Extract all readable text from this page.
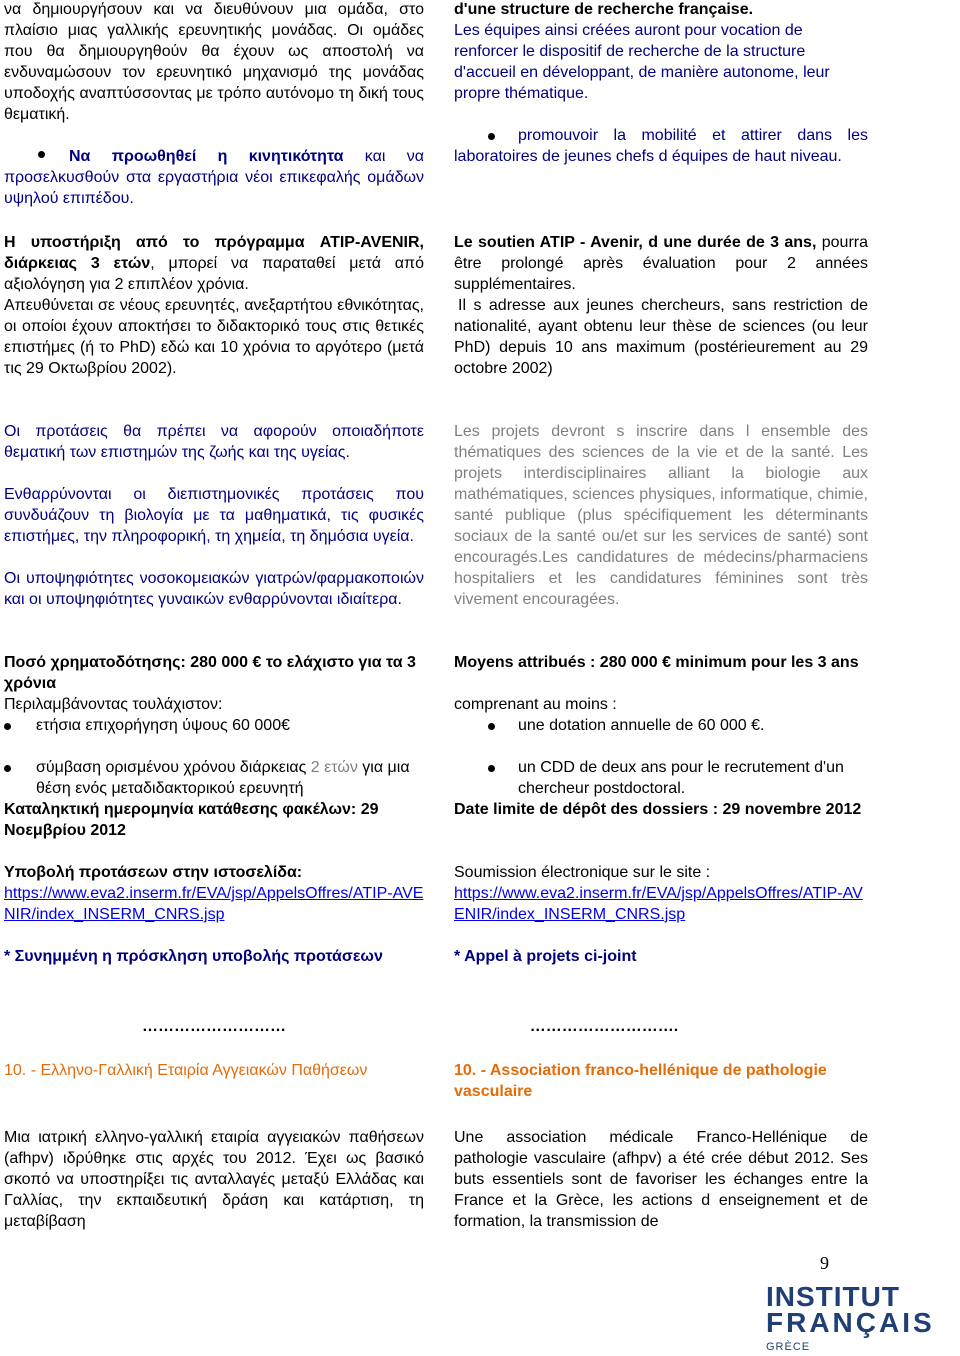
να δημιουργήσουν και να διευθύνουν μια ομάδα, στο πλαίσιο μιας γαλλικής ερευνητικής μονάδας. Οι ομάδες που θα δημιουργηθούν θα έχουν ως αποστολή να ενδυναμώσουν τον ερευνητικό μηχανισμό της μονάδας υποδοχής αναπτύσσοντας με τρόπο αυτόνομο τη δική τους θεματική.

Να προωθηθεί η κινητικότητα και να προσελκυσθούν στα εργαστήρια νέοι επικεφαλής ομάδων υψηλού επιπέδου.

Η υποστήριξη από το πρόγραμμα ATIP-AVENIR, διάρκειας 3 ετών, μπορεί να παραταθεί μετά από αξιολόγηση για 2 επιπλέον χρόνια.

Απευθύνεται σε νέους ερευνητές, ανεξαρτήτου εθνικότητας, οι οποίοι έχουν αποκτήσει το διδακτορικό τους στις θετικές επιστήμες (ή το PhD) εδώ και 10 χρόνια το αργότερο (μετά τις 29 Οκτωβρίου 2002).

Οι προτάσεις θα πρέπει να αφορούν οποιαδήποτε θεματική των επιστημών της ζωής και της υγείας.

Ενθαρρύνονται οι διεπιστημονικές προτάσεις που συνδυάζουν τη βιολογία με τα μαθηματικά, τις φυσικές επιστήμες, την πληροφορική, τη χημεία, τη δημόσια υγεία.

Οι υποψηφιότητες νοσοκομειακών γιατρών/φαρμακοποιών και οι υποψηφιότητες γυναικών ενθαρρύνονται ιδιαίτερα.

Ποσό χρηματοδότησης: 280 000 € το ελάχιστο για τα 3 χρόνια

Περιλαμβάνοντας τουλάχιστον:

ετήσια επιχορήγηση ύψους 60 000€
σύμβαση ορισμένου χρόνου διάρκειας 2 ετών για μια θέση ενός μεταδιδακτορικού ερευνητή

Καταληκτική ημερομηνία κατάθεσης φακέλων: 29 Νοεμβρίου 2012

Υποβολή προτάσεων στην ιστοσελίδα:

https://www.eva2.inserm.fr/EVA/jsp/AppelsOffres/ATIP-AVENIR/index_INSERM_CNRS.jsp

* Συνημμένη η πρόσκληση υποβολής προτάσεων

………………………

10. - Ελληνο-Γαλλική Εταιρία Αγγειακών Παθήσεων

Μια ιατρική ελληνο-γαλλική εταιρία αγγειακών παθήσεων (afhpv) ιδρύθηκε στις αρχές του 2012. Έχει ως βασικό σκοπό να υποστηρίξει τις ανταλλαγές μεταξύ Ελλάδας και Γαλλίας, την εκπαιδευτική δράση και κατάρτιση, τη μεταβίβαση

d'une structure de recherche française.

Les équipes ainsi créées auront pour vocation de renforcer le dispositif de recherche de la structure d'accueil en développant, de manière autonome, leur propre thématique.

promouvoir la mobilité et attirer dans les laboratoires de jeunes chefs d équipes de haut niveau.

Le soutien ATIP - Avenir, d une durée de 3 ans, pourra être prolongé après évaluation pour 2 années supplémentaires.

Il s adresse aux jeunes chercheurs, sans restriction de nationalité, ayant obtenu leur thèse de sciences (ou leur PhD) depuis 10 ans maximum (postérieurement au 29 octobre 2002)

Les projets devront s inscrire dans l ensemble des thématiques des sciences de la vie et de la santé. Les projets interdisciplinaires alliant la biologie aux mathématiques, sciences physiques, informatique, chimie, santé publique (plus spécifiquement les déterminants sociaux de la santé ou/et sur les services de santé) sont encouragés.Les candidatures de médecins/pharmaciens hospitaliers et les candidatures féminines sont très vivement encouragées.

Moyens attribués : 280 000 € minimum pour les 3 ans

comprenant au moins :

une dotation annuelle de 60 000 €.
un CDD de deux ans pour le recrutement d'un chercheur postdoctoral.

Date limite de dépôt des dossiers : 29 novembre 2012

Soumission électronique sur le site :

https://www.eva2.inserm.fr/EVA/jsp/AppelsOffres/ATIP-AVENIR/index_INSERM_CNRS.jsp

* Appel à projets ci-joint

……………………….

10. - Association franco-hellénique de pathologie vasculaire

Une association médicale Franco-Hellénique de pathologie vasculaire (afhpv) a été crée début 2012. Ses buts essentiels sont de favoriser les échanges entre la France et la Grèce, les actions d enseignement et de formation, la transmission de

9
INSTITUT
FRANÇAIS
GRÈCE
